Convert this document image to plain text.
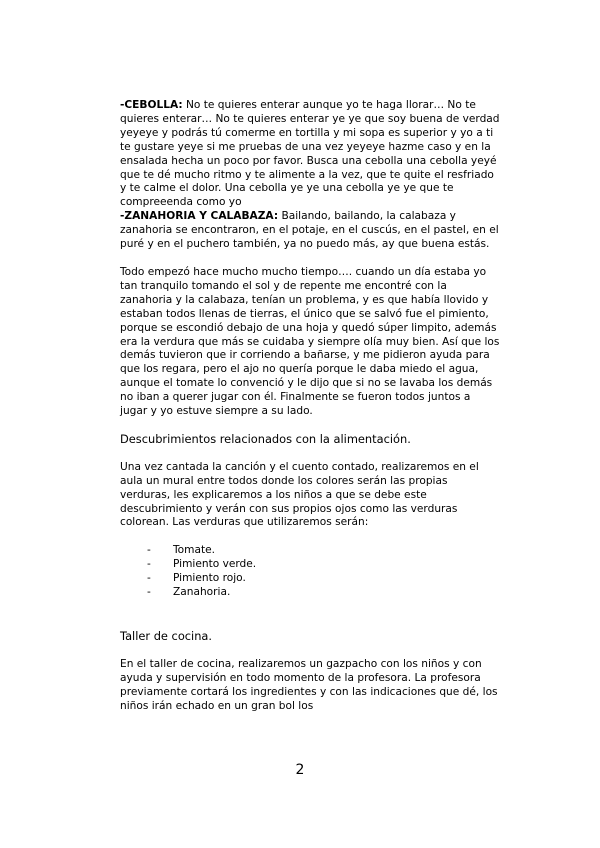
-CEBOLLA: No te quieres enterar aunque yo te haga llorar… No te quieres enterar… No te quieres enterar ye ye que soy buena de verdad yeyeye y podrás tú comerme en tortilla y mi sopa es superior y yo a ti te gustare yeye si me pruebas de una vez yeyeye hazme caso y en la ensalada hecha un poco por favor. Busca una cebolla una cebolla yeyé que te dé mucho ritmo y te alimente a la vez, que te quite el resfriado y te calme el dolor. Una cebolla ye ye una cebolla ye ye que te compreeenda como yo

-ZANAHORIA Y CALABAZA: Bailando, bailando, la calabaza y zanahoria se encontraron, en el potaje, en el cuscús, en el pastel, en el puré y en el puchero también, ya no puedo más, ay que buena estás.

Todo empezó hace mucho mucho tiempo…. cuando un día estaba yo tan tranquilo tomando el sol y de repente me encontré con la zanahoria y la calabaza, tenían un problema, y es que había llovido y estaban todos llenas de tierras, el único que se salvó fue el pimiento, porque se escondió debajo de una hoja y quedó súper limpito, además era la verdura que más se cuidaba y siempre olía muy bien. Así que los demás tuvieron que ir corriendo a bañarse, y me pidieron ayuda para que los regara, pero el ajo no quería porque le daba miedo el agua, aunque el tomate lo convenció y le dijo que si no se lavaba los demás no iban a querer jugar con él. Finalmente se fueron todos juntos a jugar y yo estuve siempre a su lado.

Descubrimientos relacionados con la alimentación.

Una vez cantada la canción y el cuento contado, realizaremos en el aula un mural entre todos donde los colores serán las propias verduras, les explicaremos a los niños a que se debe este descubrimiento y verán con sus propios ojos como las verduras colorean. Las verduras que utilizaremos serán:

- Tomate.
- Pimiento verde.
- Pimiento rojo.
- Zanahoria.
Taller de cocina.

En el taller de cocina, realizaremos un gazpacho con los niños y con ayuda y supervisión en todo momento de la profesora. La profesora previamente cortará los ingredientes y con las indicaciones que dé, los niños irán echado en un gran bol los

2
